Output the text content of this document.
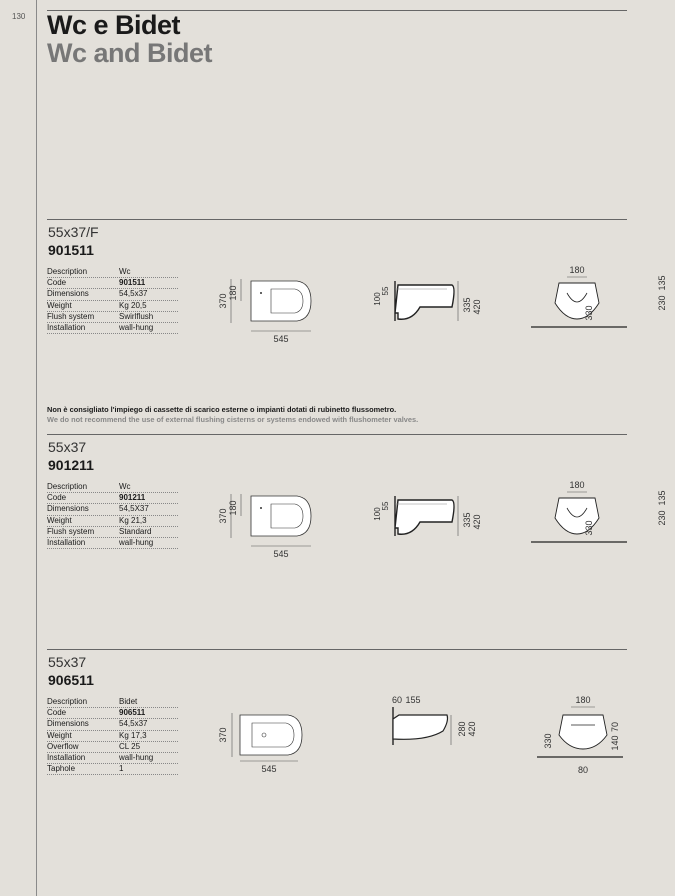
130 Wc e Bidet
Wc and Bidet
55x37/F
901511
Description	Wc
Code	901511
Dimensions	54,5x37
Weight	Kg 20,5
Flush system	Swirlflush
Installation	wall-hung
370
180
545
100
55
335 420
180
330
230
135
Non è consigliato l'impiego di cassette di scarico esterne o impianti dotati di rubinetto flussometro.
We do not recommend the use of external flushing cisterns or systems endowed with flushometer valves.
55x37
901211
Description	Wc
Code	901211
Dimensions	54,5X37
Weight	Kg 21,3
Flush system	Standard
Installation	wall-hung
370
180
545
100
55
335 420
180
330
230
135
55x37
906511
Description	Bidet
Code	906511
Dimensions	54,5x37
Weight	Kg 17,3
Overflow	CL 25
Installation	wall-hung
Taphole	1
370
545
60 155
280 420
180
330	140
70
80
